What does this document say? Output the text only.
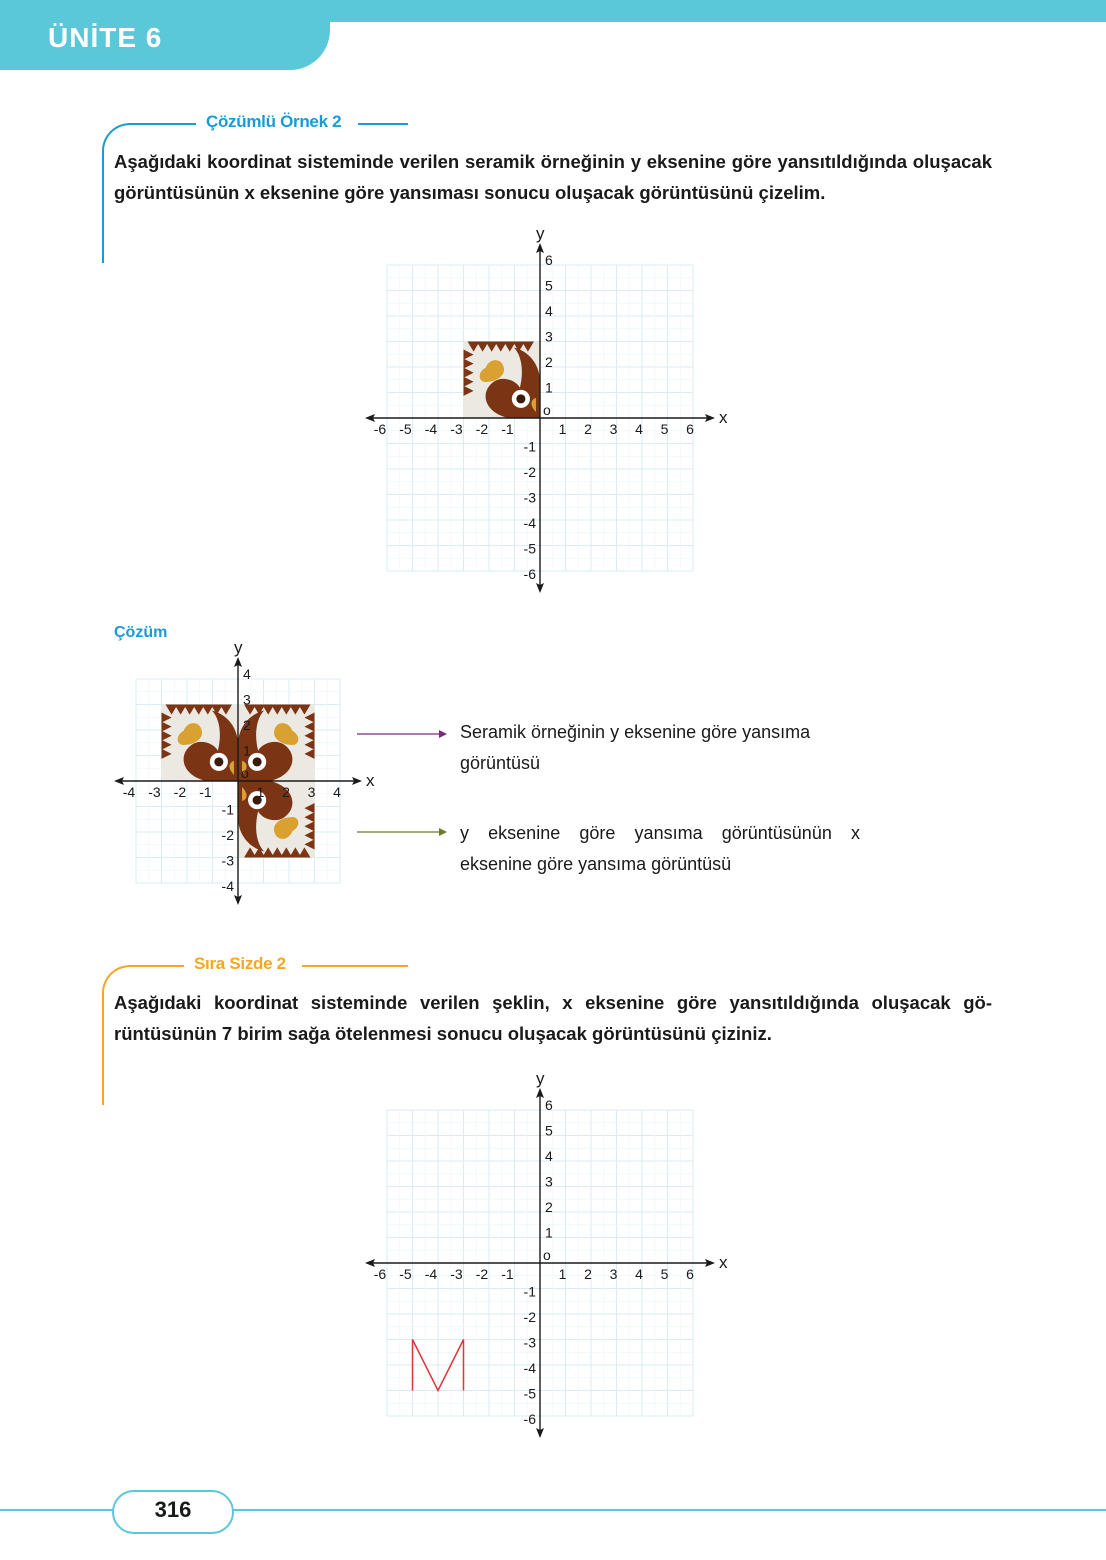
ÜNİTE 6
Çözümlü Örnek 2
Aşağıdaki koordinat sisteminde verilen seramik örneğinin y eksenine göre yansıtıldığında oluşacak görüntüsünün x eksenine göre yansıması sonucu oluşacak görüntüsünü çizelim.
x
y
o
-6
-6
-5
-5
-4
-4
-3
-3
-2
-2
-1
-1
1
1
2
2
3
3
4
4
5
5
6
6
Çözüm
x
y
o
-4
-4
-3
-3
-2
-2
-1
-1
1
1
2
2
3
3
4
4
Seramik örneğinin y eksenine göre yansıma görüntüsü
y eksenine göre yansıma görüntüsünün x eksenine göre yansıma görüntüsü
Sıra Sizde 2
Aşağıdaki koordinat sisteminde verilen şeklin, x eksenine göre yansıtıldığında oluşacak gö-rüntüsünün 7 birim sağa ötelenmesi sonucu oluşacak görüntüsünü çiziniz.
x
y
o
-6
-6
-5
-5
-4
-4
-3
-3
-2
-2
-1
-1
1
1
2
2
3
3
4
4
5
5
6
6
316
